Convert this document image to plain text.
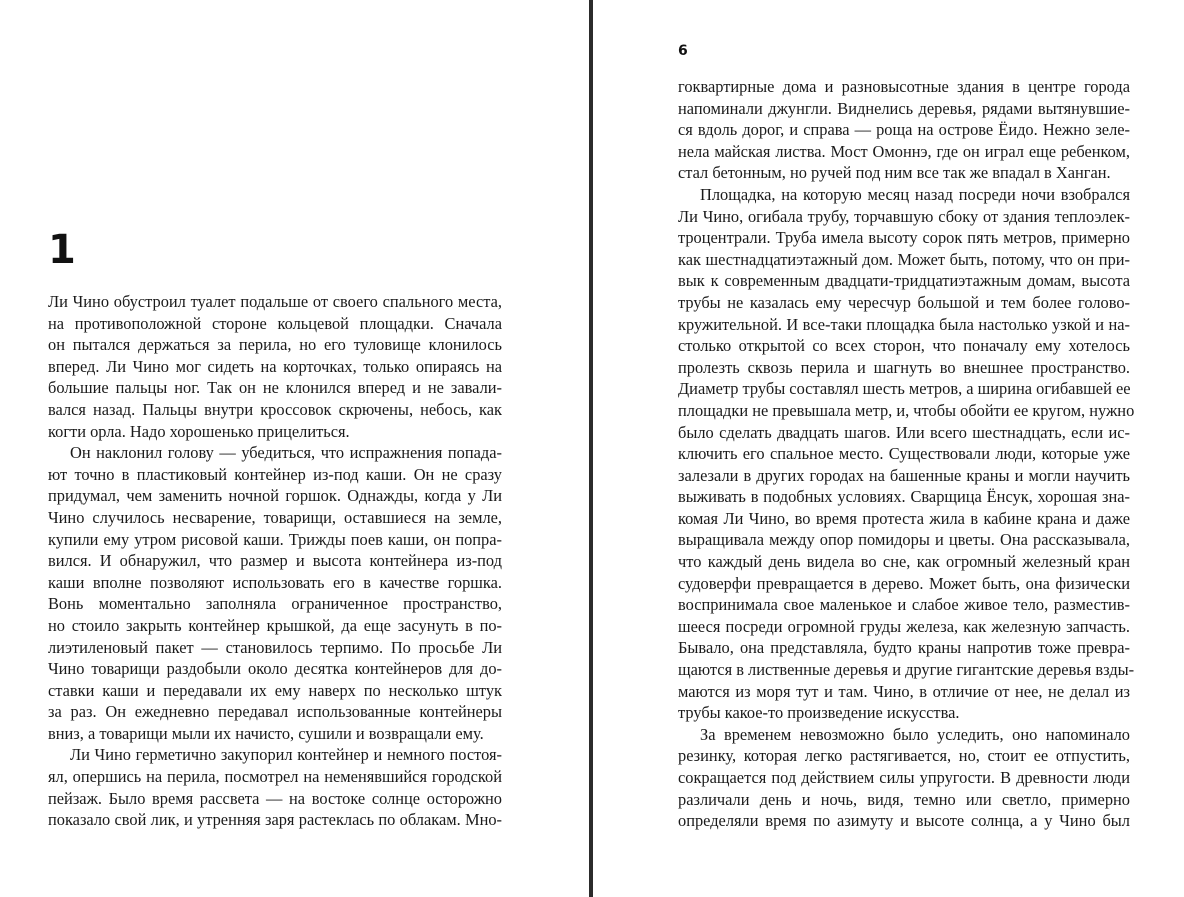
1
Ли Чино обустроил туалет подальше от своего спального места,
на противоположной стороне кольцевой площадки. Сначала
он пытался держаться за перила, но его туловище клонилось
вперед. Ли Чино мог сидеть на корточках, только опираясь на
большие пальцы ног. Так он не клонился вперед и не завали-
вался назад. Пальцы внутри кроссовок скрючены, небось, как
когти орла. Надо хорошенько прицелиться.
Он наклонил голову — убедиться, что испражнения попада-
ют точно в пластиковый контейнер из-под каши. Он не сразу
придумал, чем заменить ночной горшок. Однажды, когда у Ли
Чино случилось несварение, товарищи, оставшиеся на земле,
купили ему утром рисовой каши. Трижды поев каши, он попра-
вился. И обнаружил, что размер и высота контейнера из-под
каши вполне позволяют использовать его в качестве горшка.
Вонь моментально заполняла ограниченное пространство,
но стоило закрыть контейнер крышкой, да еще засунуть в по-
лиэтиленовый пакет — становилось терпимо. По просьбе Ли
Чино товарищи раздобыли около десятка контейнеров для до-
ставки каши и передавали их ему наверх по несколько штук
за раз. Он ежедневно передавал использованные контейнеры
вниз, а товарищи мыли их начисто, сушили и возвращали ему.
Ли Чино герметично закупорил контейнер и немного постоя-
ял, опершись на перила, посмотрел на неменявшийся городской
пейзаж. Было время рассвета — на востоке солнце осторожно
показало свой лик, и утренняя заря растеклась по облакам. Мно-
6
гоквартирные дома и разновысотные здания в центре города
напоминали джунгли. Виднелись деревья, рядами вытянувшие-
ся вдоль дорог, и справа — роща на острове Ёидо. Нежно зеле-
нела майская листва. Мост Омоннэ, где он играл еще ребенком,
стал бетонным, но ручей под ним все так же впадал в Ханган.
Площадка, на которую месяц назад посреди ночи взобрался
Ли Чино, огибала трубу, торчавшую сбоку от здания теплоэлек-
троцентрали. Труба имела высоту сорок пять метров, примерно
как шестнадцатиэтажный дом. Может быть, потому, что он при-
вык к современным двадцати-тридцатиэтажным домам, высота
трубы не казалась ему чересчур большой и тем более голово-
кружительной. И все-таки площадка была настолько узкой и на-
столько открытой со всех сторон, что поначалу ему хотелось
пролезть сквозь перила и шагнуть во внешнее пространство.
Диаметр трубы составлял шесть метров, а ширина огибавшей ее
площадки не превышала метр, и, чтобы обойти ее кругом, нужно
было сделать двадцать шагов. Или всего шестнадцать, если ис-
ключить его спальное место. Существовали люди, которые уже
залезали в других городах на башенные краны и могли научить
выживать в подобных условиях. Сварщица Ёнсук, хорошая зна-
комая Ли Чино, во время протеста жила в кабине крана и даже
выращивала между опор помидоры и цветы. Она рассказывала,
что каждый день видела во сне, как огромный железный кран
судоверфи превращается в дерево. Может быть, она физически
воспринимала свое маленькое и слабое живое тело, разместив-
шееся посреди огромной груды железа, как железную запчасть.
Бывало, она представляла, будто краны напротив тоже превра-
щаются в лиственные деревья и другие гигантские деревья взды-
маются из моря тут и там. Чино, в отличие от нее, не делал из
трубы какое-то произведение искусства.
За временем невозможно было уследить, оно напоминало
резинку, которая легко растягивается, но, стоит ее отпустить,
сокращается под действием силы упругости. В древности люди
различали день и ночь, видя, темно или светло, примерно
определяли время по азимуту и высоте солнца, а у Чино был
